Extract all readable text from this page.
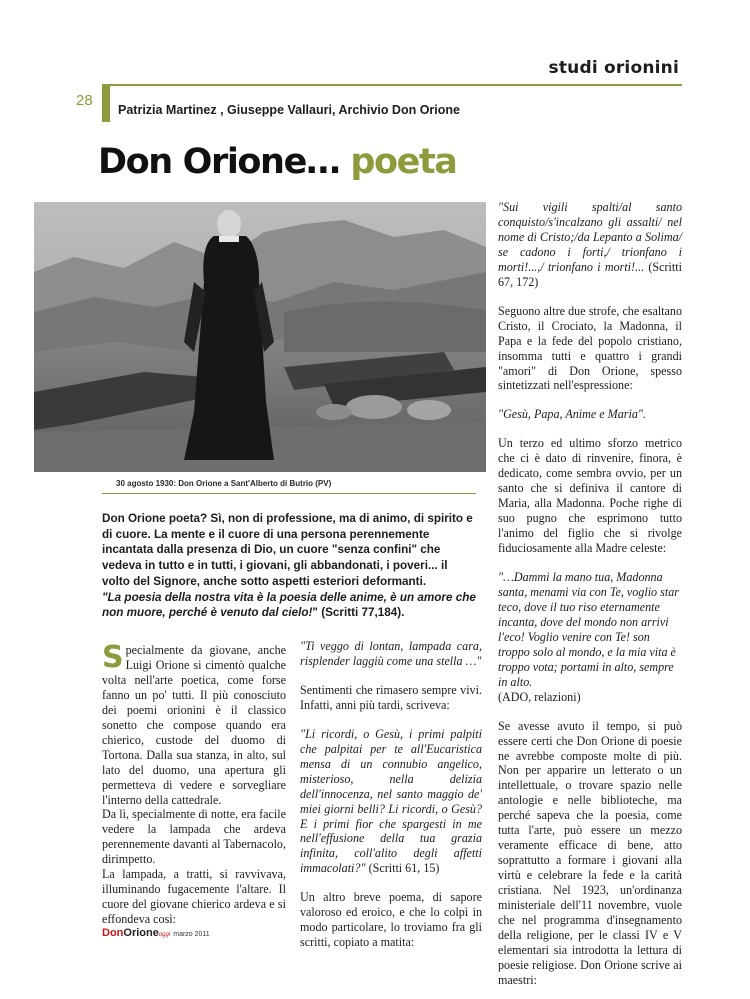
studi orionini
28
Patrizia Martinez , Giuseppe Vallauri, Archivio Don Orione
Don Orione… poeta
30 agosto 1930: Don Orione a Sant'Alberto di Butrio (PV)

Don Orione poeta? Sì, non di professione, ma di animo, di spirito e di cuore. La mente e il cuore di una persona perennemente incantata dalla presenza di Dio, un cuore "senza confini" che vedeva in tutto e in tutti, i giovani, gli abbandonati, i poveri... il volto del Signore, anche sotto aspetti esteriori deformanti.
"La poesia della nostra vita è la poesia delle anime, è un amore che non muore, perché è venuto dal cielo!" (Scritti 77,184).

Specialmente da giovane, anche Luigi Orione si cimentò qualche volta nell'arte poetica, come forse fanno un po' tutti. Il più conosciuto dei poemi orionini è il classico sonetto che compose quando era chierico, custode del duomo di Tortona. Dalla sua stanza, in alto, sul lato del duomo, una apertura gli permetteva di vedere e sorvegliare l'interno della cattedrale.

Da lì, specialmente di notte, era facile vedere la lampada che ardeva perennemente davanti al Tabernacolo, dirimpetto.

La lampada, a tratti, si ravvivava, illuminando fugacemente l'altare. Il cuore del giovane chierico ardeva e si effondeva così:

"Ti veggo di lontan, lampada cara, risplender laggiù come una stella …"

Sentimenti che rimasero sempre vivi. Infatti, anni più tardi, scriveva:

"Li ricordi, o Gesù, i primi palpiti che palpitai per te all'Eucaristica mensa di un connubio angelico, misterioso, nella delizia dell'innocenza, nel santo maggio de' miei giorni belli? Li ricordi, o Gesù? E i primi fior che spargesti in me nell'effusione della tua grazia infinita, coll'alito degli affetti immacolati?" (Scritti 61, 15)

Un altro breve poema, di sapore valoroso ed eroico, e che lo colpì in modo particolare, lo troviamo fra gli scritti, copiato a matita:

"Sui vigili spalti/al santo conquisto/s'incalzano gli assalti/ nel nome di Cristo;/da Lepanto a Solima/ se cadono i forti,/ trionfano i morti!...,/ trionfano i morti!... (Scritti 67, 172)

Seguono altre due strofe, che esaltano Cristo, il Crociato, la Madonna, il Papa e la fede del popolo cristiano, insomma tutti e quattro i grandi "amori" di Don Orione, spesso sintetizzati nell'espressione:

"Gesù, Papa, Anime e Maria".

Un terzo ed ultimo sforzo metrico che ci è dato di rinvenire, finora, è dedicato, come sembra ovvio, per un santo che si definiva il cantore di Maria, alla Madonna. Poche righe di suo pugno che esprimono tutto l'animo del figlio che si rivolge fiduciosamente alla Madre celeste:

"…Dammi la mano tua, Madonna santa, menami via con Te, voglio star teco, dove il tuo riso eternamente incanta, dove del mondo non arrivi l'eco! Voglio venire con Te! son troppo solo al mondo, e la mia vita è troppo vota; portami in alto, sempre in alto.

(ADO, relazioni)

Se avesse avuto il tempo, si può essere certi che Don Orione di poesie ne avrebbe composte molte di più. Non per apparire un letterato o un intellettuale, o trovare spazio nelle antologie e nelle biblioteche, ma perché sapeva che la poesia, come tutta l'arte, può essere un mezzo veramente efficace di bene, atto soprattutto a formare i giovani alla virtù e celebrare la fede e la carità cristiana. Nel 1923, un'ordinanza ministeriale dell'11 novembre, vuole che nel programma d'insegnamento della religione, per le classi IV e V elementari sia introdotta la lettura di poesie religiose. Don Orione scrive ai maestri:

DonOrioneoggi marzo 2011
